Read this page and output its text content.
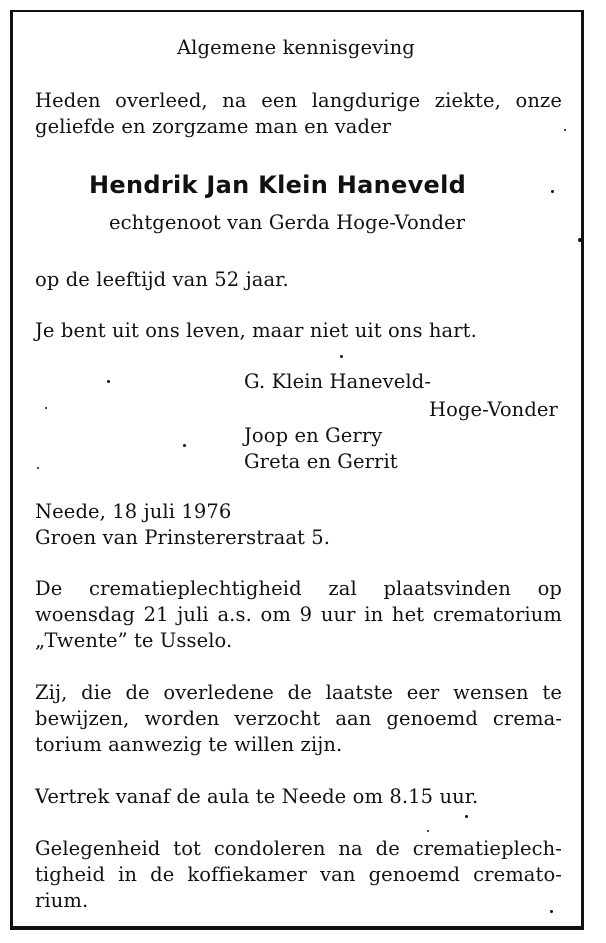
Algemene kennisgeving
Heden overleed, na een langdurige ziekte, onze
geliefde en zorgzame man en vader
Hendrik Jan Klein Haneveld
echtgenoot van Gerda Hoge-Vonder
op de leeftijd van 52 jaar.
Je bent uit ons leven, maar niet uit ons hart.
G. Klein Haneveld-
Hoge-Vonder
Joop en Gerry
Greta en Gerrit
Neede, 18 juli 1976
Groen van Prinstererstraat 5.
De crematieplechtigheid zal plaatsvinden op
woensdag 21 juli a.s. om 9 uur in het crematorium
„Twente” te Usselo.
Zij, die de overledene de laatste eer wensen te
bewijzen, worden verzocht aan genoemd crema-
torium aanwezig te willen zijn.
Vertrek vanaf de aula te Neede om 8.15 uur.
Gelegenheid tot condoleren na de crematieplech-
tigheid in de koffiekamer van genoemd cremato-
rium.
